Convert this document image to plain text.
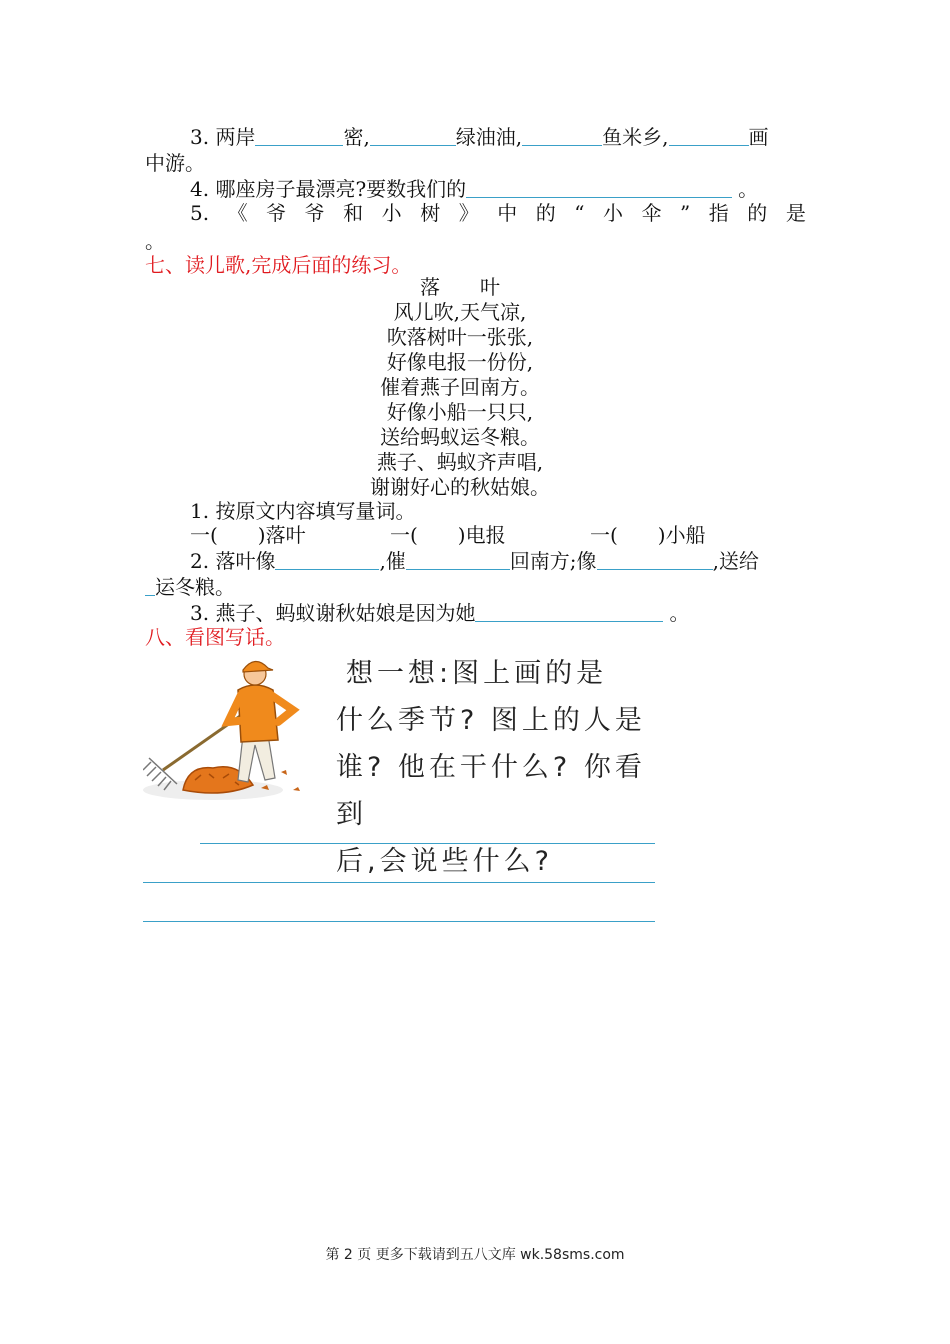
3. 两岸	密,	绿油油,	鱼米乡,	画
中游。
4. 哪座房子最漂亮?要数我们的	。
5. 《 爷 爷 和 小 树 》 中 的 “ 小 伞 ” 指 的 是
。
七、读儿歌,完成后面的练习。
落　　叶
风儿吹,天气凉,
吹落树叶一张张,
好像电报一份份,
催着燕子回南方。
好像小船一只只,
送给蚂蚁运冬粮。
燕子、蚂蚁齐声唱,
谢谢好心的秋姑娘。
1. 按原文内容填写量词。
一(　　)落叶	一(　　)电报	一(　　)小船
2. 落叶像	,催	回南方;像	,送给
运冬粮。
3. 燕子、蚂蚁谢秋姑娘是因为她	。
八、看图写话。
想一想:图上画的是
什么季节? 图上的人是
谁? 他在干什么? 你看到
后,会说些什么?
第 2 页 更多下载请到五八文库 wk.58sms.com
